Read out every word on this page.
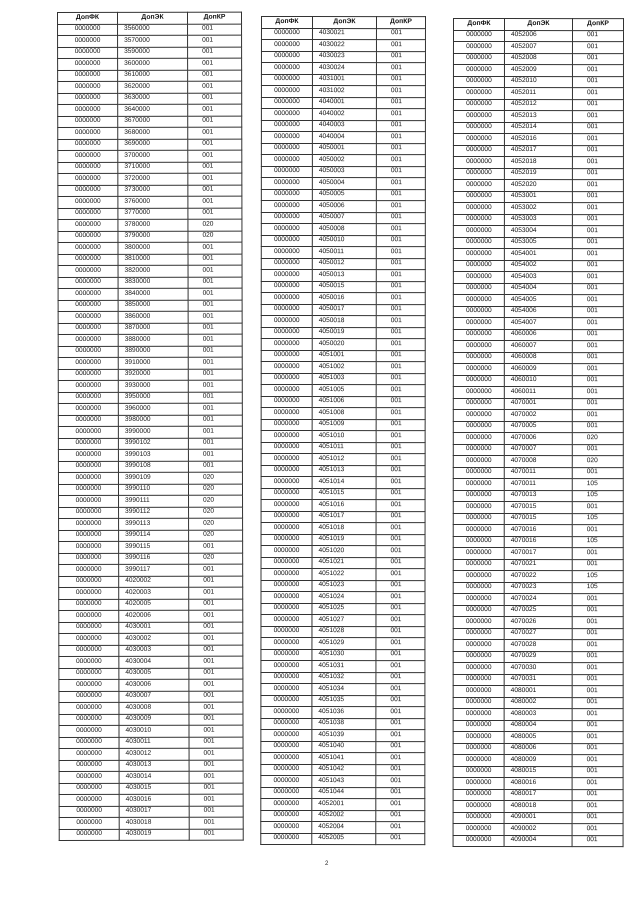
ДопФК	ДопЭК	ДопКР
0000000	3560000	001
0000000	3570000	001
0000000	3590000	001
0000000	3600000	001
0000000	3610000	001
0000000	3620000	001
0000000	3630000	001
0000000	3640000	001
0000000	3670000	001
0000000	3680000	001
0000000	3690000	001
0000000	3700000	001
0000000	3710000	001
0000000	3720000	001
0000000	3730000	001
0000000	3760000	001
0000000	3770000	001
0000000	3780000	020
0000000	3790000	020
0000000	3800000	001
0000000	3810000	001
0000000	3820000	001
0000000	3830000	001
0000000	3840000	001
0000000	3850000	001
0000000	3860000	001
0000000	3870000	001
0000000	3880000	001
0000000	3890000	001
0000000	3910000	001
0000000	3920000	001
0000000	3930000	001
0000000	3950000	001
0000000	3960000	001
0000000	3980000	001
0000000	3990000	001
0000000	3990102	001
0000000	3990103	001
0000000	3990108	001
0000000	3990109	020
0000000	3990110	020
0000000	3990111	020
0000000	3990112	020
0000000	3990113	020
0000000	3990114	020
0000000	3990115	001
0000000	3990116	020
0000000	3990117	001
0000000	4020002	001
0000000	4020003	001
0000000	4020005	001
0000000	4020006	001
0000000	4030001	001
0000000	4030002	001
0000000	4030003	001
0000000	4030004	001
0000000	4030005	001
0000000	4030006	001
0000000	4030007	001
0000000	4030008	001
0000000	4030009	001
0000000	4030010	001
0000000	4030011	001
0000000	4030012	001
0000000	4030013	001
0000000	4030014	001
0000000	4030015	001
0000000	4030016	001
0000000	4030017	001
0000000	4030018	001
0000000	4030019	001
ДопФК	ДопЭК	ДопКР
0000000	4030021	001
0000000	4030022	001
0000000	4030023	001
0000000	4030024	001
0000000	4031001	001
0000000	4031002	001
0000000	4040001	001
0000000	4040002	001
0000000	4040003	001
0000000	4040004	001
0000000	4050001	001
0000000	4050002	001
0000000	4050003	001
0000000	4050004	001
0000000	4050005	001
0000000	4050006	001
0000000	4050007	001
0000000	4050008	001
0000000	4050010	001
0000000	4050011	001
0000000	4050012	001
0000000	4050013	001
0000000	4050015	001
0000000	4050016	001
0000000	4050017	001
0000000	4050018	001
0000000	4050019	001
0000000	4050020	001
0000000	4051001	001
0000000	4051002	001
0000000	4051003	001
0000000	4051005	001
0000000	4051006	001
0000000	4051008	001
0000000	4051009	001
0000000	4051010	001
0000000	4051011	001
0000000	4051012	001
0000000	4051013	001
0000000	4051014	001
0000000	4051015	001
0000000	4051016	001
0000000	4051017	001
0000000	4051018	001
0000000	4051019	001
0000000	4051020	001
0000000	4051021	001
0000000	4051022	001
0000000	4051023	001
0000000	4051024	001
0000000	4051025	001
0000000	4051027	001
0000000	4051028	001
0000000	4051029	001
0000000	4051030	001
0000000	4051031	001
0000000	4051032	001
0000000	4051034	001
0000000	4051035	001
0000000	4051036	001
0000000	4051038	001
0000000	4051039	001
0000000	4051040	001
0000000	4051041	001
0000000	4051042	001
0000000	4051043	001
0000000	4051044	001
0000000	4052001	001
0000000	4052002	001
0000000	4052004	001
0000000	4052005	001
ДопФК	ДопЭК	ДопКР
0000000	4052006	001
0000000	4052007	001
0000000	4052008	001
0000000	4052009	001
0000000	4052010	001
0000000	4052011	001
0000000	4052012	001
0000000	4052013	001
0000000	4052014	001
0000000	4052016	001
0000000	4052017	001
0000000	4052018	001
0000000	4052019	001
0000000	4052020	001
0000000	4053001	001
0000000	4053002	001
0000000	4053003	001
0000000	4053004	001
0000000	4053005	001
0000000	4054001	001
0000000	4054002	001
0000000	4054003	001
0000000	4054004	001
0000000	4054005	001
0000000	4054006	001
0000000	4054007	001
0000000	4060006	001
0000000	4060007	001
0000000	4060008	001
0000000	4060009	001
0000000	4060010	001
0000000	4060011	001
0000000	4070001	001
0000000	4070002	001
0000000	4070005	001
0000000	4070006	020
0000000	4070007	001
0000000	4070008	020
0000000	4070011	001
0000000	4070011	105
0000000	4070013	105
0000000	4070015	001
0000000	4070015	105
0000000	4070016	001
0000000	4070016	105
0000000	4070017	001
0000000	4070021	001
0000000	4070022	105
0000000	4070023	105
0000000	4070024	001
0000000	4070025	001
0000000	4070026	001
0000000	4070027	001
0000000	4070028	001
0000000	4070029	001
0000000	4070030	001
0000000	4070031	001
0000000	4080001	001
0000000	4080002	001
0000000	4080003	001
0000000	4080004	001
0000000	4080005	001
0000000	4080006	001
0000000	4080009	001
0000000	4080015	001
0000000	4080016	001
0000000	4080017	001
0000000	4080018	001
0000000	4090001	001
0000000	4090002	001
0000000	4090004	001
2
